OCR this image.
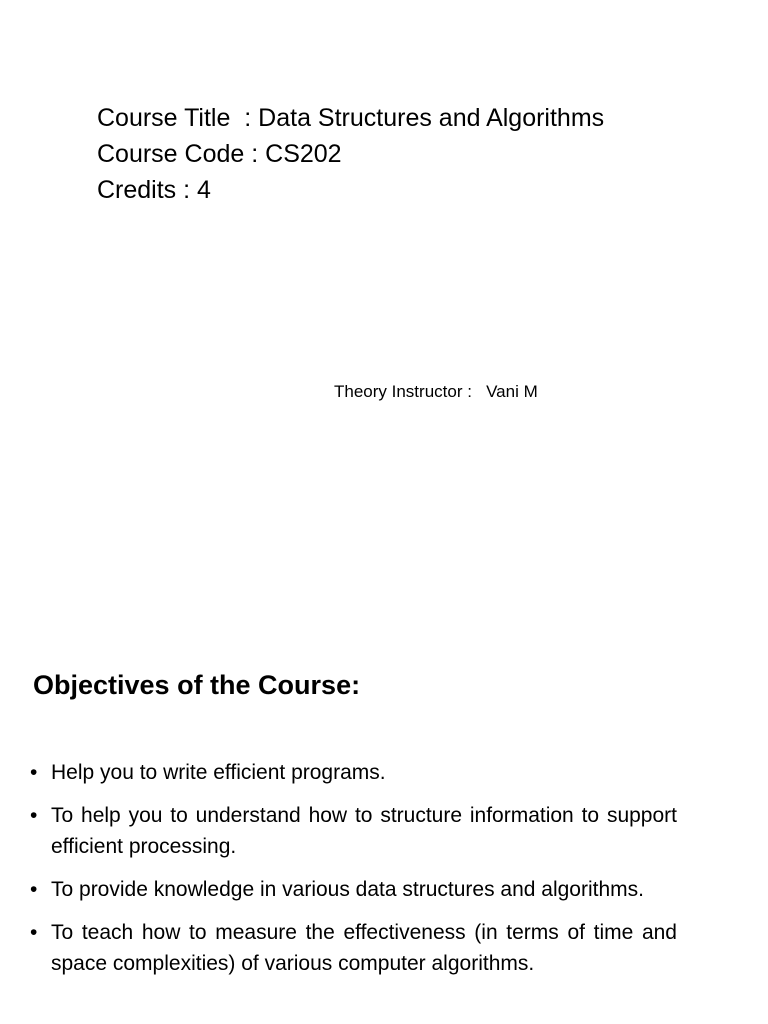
Course Title  : Data Structures and Algorithms
Course Code : CS202
Credits : 4
Theory Instructor :   Vani M
Objectives of the Course:
• Help you to write efficient programs.
• To help you to understand how to structure information to support efficient processing.
• To provide knowledge in various data structures and algorithms.
• To teach how to measure the effectiveness (in terms of time and space complexities) of various computer algorithms.
